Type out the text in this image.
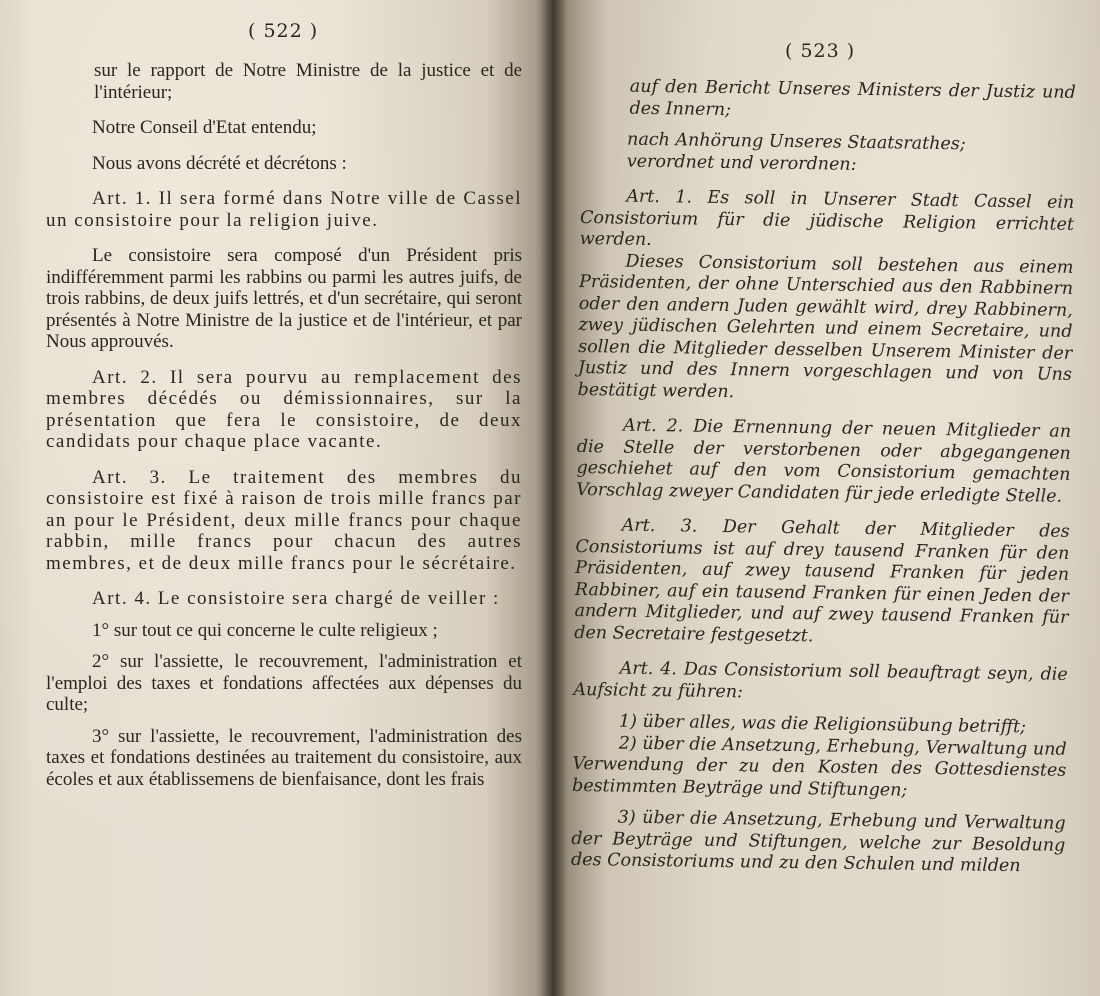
( 522 )

sur le rapport de Notre Ministre de la justice et de l'intérieur;

Notre Conseil d'Etat entendu;

Nous avons décrété et décrétons :

Art. 1. Il sera formé dans Notre ville de Cassel un consistoire pour la religion juive.

Le consistoire sera composé d'un Président pris indifféremment parmi les rabbins ou parmi les autres juifs, de trois rabbins, de deux juifs lettrés, et d'un secrétaire, qui seront présentés à Notre Ministre de la justice et de l'intérieur, et par Nous approuvés.

Art. 2. Il sera pourvu au remplacement des membres décédés ou démissionnaires, sur la présentation que fera le consistoire, de deux candidats pour chaque place vacante.

Art. 3. Le traitement des membres du consistoire est fixé à raison de trois mille francs par an pour le Président, deux mille francs pour chaque rabbin, mille francs pour chacun des autres membres, et de deux mille francs pour le sécrétaire.

Art. 4. Le consistoire sera chargé de veiller :

1° sur tout ce qui concerne le culte religieux ;

2° sur l'assiette, le recouvrement, l'administration et l'emploi des taxes et fondations affectées aux dépenses du culte;

3° sur l'assiette, le recouvrement, l'administration des taxes et fondations destinées au traitement du consistoire, aux écoles et aux établissemens de bienfaisance, dont les frais

( 523 )

auf den Bericht Unseres Ministers der Justiz und des Innern;

nach Anhörung Unseres Staatsrathes;

verordnet und verordnen:

Art. 1. Es soll in Unserer Stadt Cassel ein Consistorium für die jüdische Religion errichtet werden.

Dieses Consistorium soll bestehen aus einem Präsidenten, der ohne Unterschied aus den Rabbinern oder den andern Juden gewählt wird, drey Rabbinern, zwey jüdischen Gelehrten und einem Secretaire, und sollen die Mitglieder desselben Unserem Minister der Justiz und des Innern vorgeschlagen und von Uns bestätigt werden.

Art. 2. Die Ernennung der neuen Mitglieder an die Stelle der verstorbenen oder abgegangenen geschiehet auf den vom Consistorium gemachten Vorschlag zweyer Candidaten für jede erledigte Stelle.

Art. 3. Der Gehalt der Mitglieder des Consistoriums ist auf drey tausend Franken für den Präsidenten, auf zwey tausend Franken für jeden Rabbiner, auf ein tausend Franken für einen Jeden der andern Mitglieder, und auf zwey tausend Franken für den Secretaire festgesetzt.

Art. 4. Das Consistorium soll beauftragt seyn, die Aufsicht zu führen:

1) über alles, was die Religionsübung betrifft;

2) über die Ansetzung, Erhebung, Verwaltung und Verwendung der zu den Kosten des Gottesdienstes bestimmten Beyträge und Stiftungen;

3) über die Ansetzung, Erhebung und Verwaltung der Beyträge und Stiftungen, welche zur Besoldung des Consistoriums und zu den Schulen und milden
